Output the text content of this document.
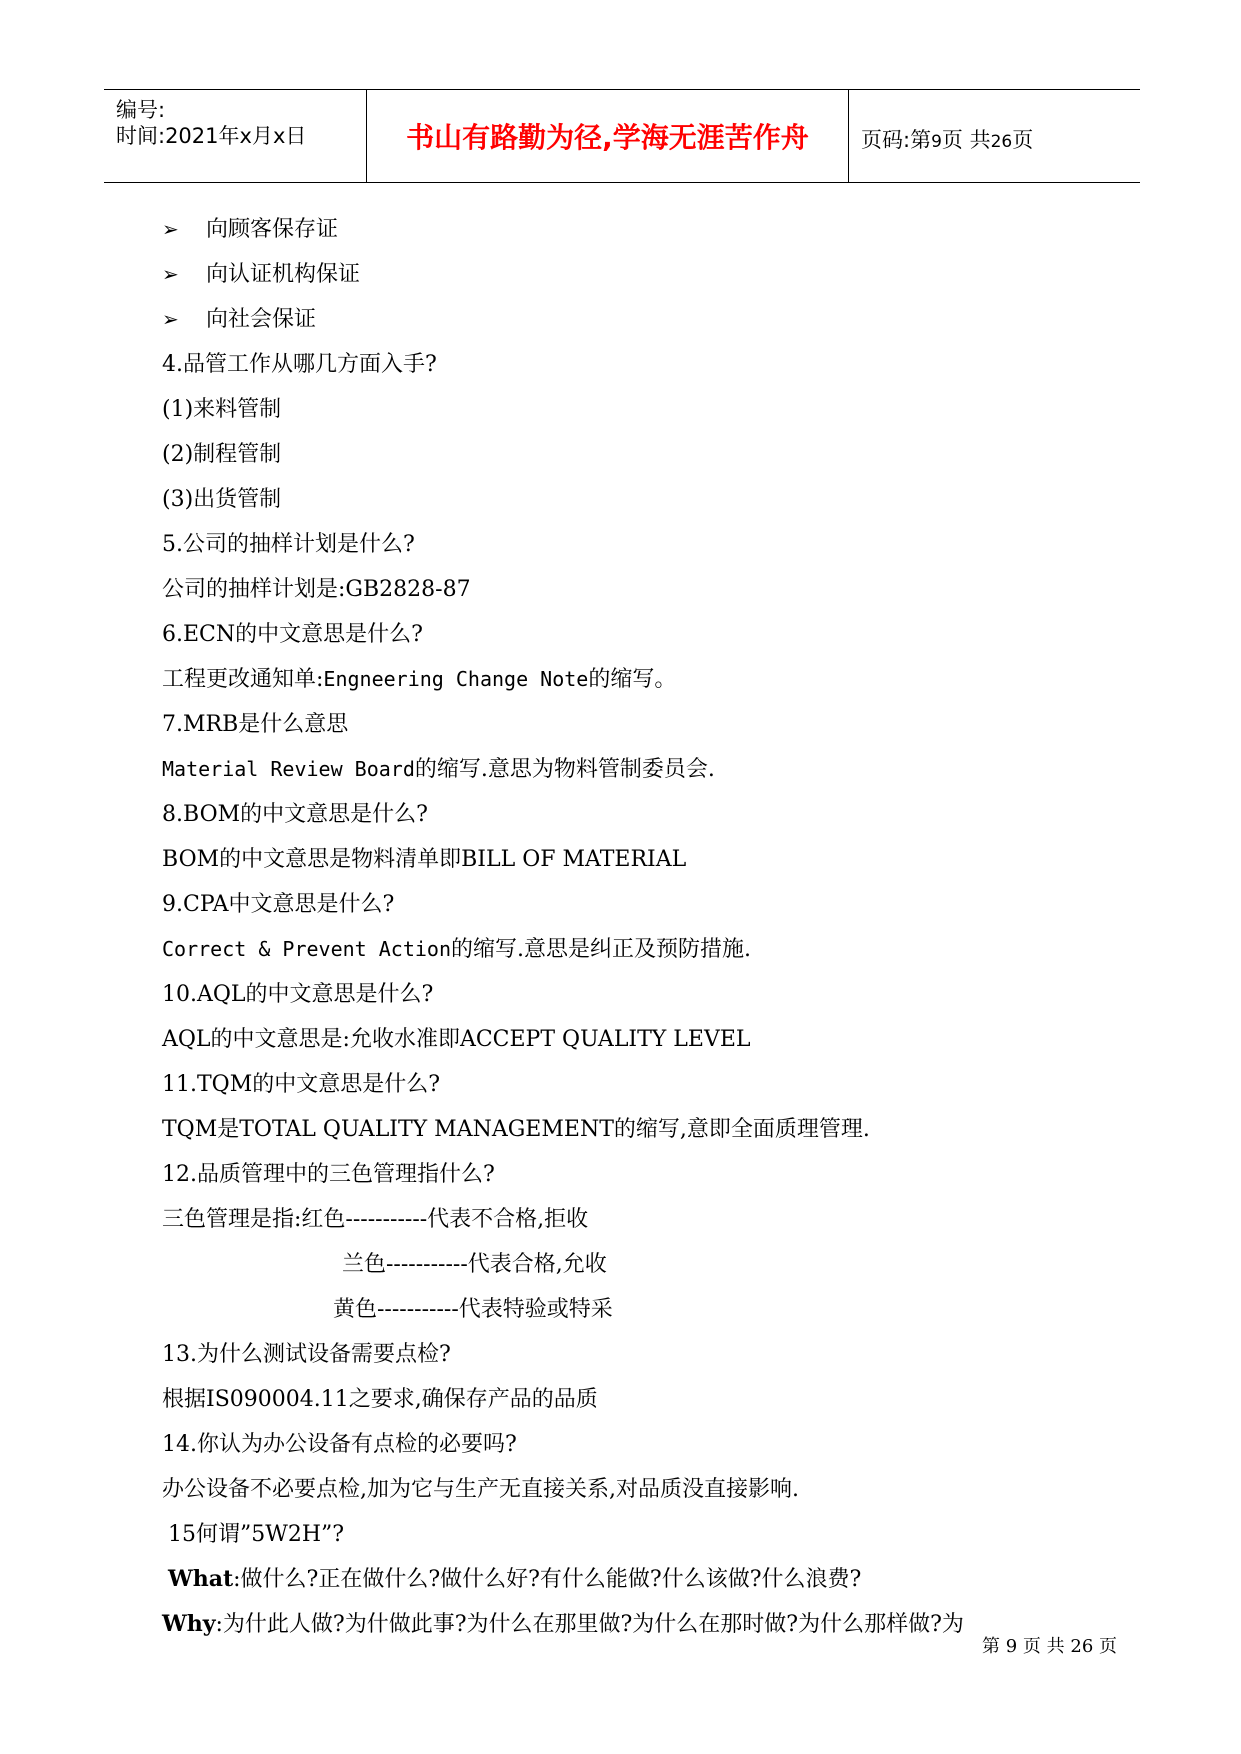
编号:
时间:2021年x月x日	书山有路勤为径,学海无涯苦作舟	页码:第9页 共26页
➢ 向顾客保存证
➢ 向认证机构保证
➢ 向社会保证
4.品管工作从哪几方面入手?
(1)来料管制
(2)制程管制
(3)出货管制
5.公司的抽样计划是什么?
公司的抽样计划是:GB2828-87
6.ECN的中文意思是什么?
工程更改通知单:Engneering Change Note的缩写。
7.MRB是什么意思
Material Review Board的缩写.意思为物料管制委员会.
8.BOM的中文意思是什么?
BOM的中文意思是物料清单即BILL OF MATERIAL
9.CPA中文意思是什么?
Correct & Prevent Action的缩写.意思是纠正及预防措施.
10.AQL的中文意思是什么?
AQL的中文意思是:允收水准即ACCEPT QUALITY LEVEL
11.TQM的中文意思是什么?
TQM是TOTAL QUALITY MANAGEMENT的缩写,意即全面质理管理.
12.品质管理中的三色管理指什么?
三色管理是指:红色-----------代表不合格,拒收
兰色-----------代表合格,允收
黄色-----------代表特验或特采
13.为什么测试设备需要点检?
根据IS090004.11之要求,确保存产品的品质
14.你认为办公设备有点检的必要吗?
办公设备不必要点检,加为它与生产无直接关系,对品质没直接影响.
15何谓”5W2H”?
What:做什么?正在做什么?做什么好?有什么能做?什么该做?什么浪费?
Why:为什此人做?为什做此事?为什么在那里做?为什么在那时做?为什么那样做?为
第 9 页 共 26 页
